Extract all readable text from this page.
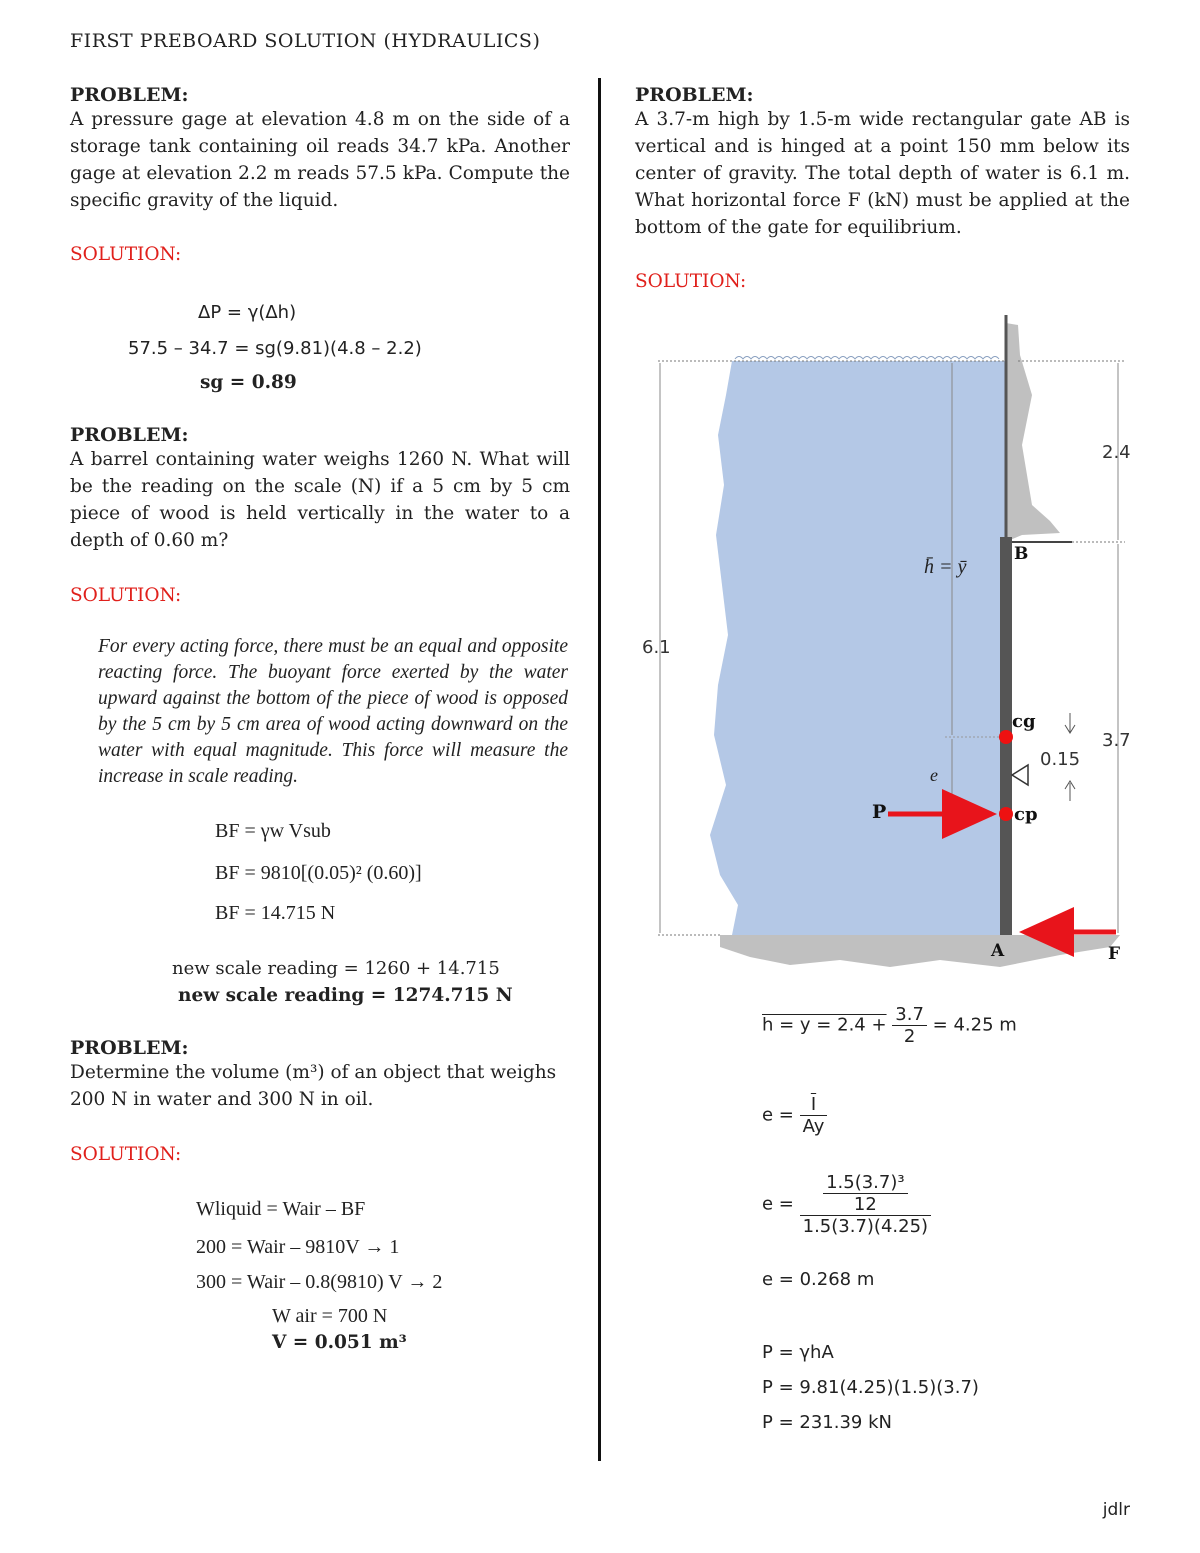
FIRST PREBOARD SOLUTION (HYDRAULICS)
PROBLEM:
A pressure gage at elevation 4.8 m on the side of a storage tank containing oil reads 34.7 kPa. Another gage at elevation 2.2 m reads 57.5 kPa. Compute the specific gravity of the liquid.
SOLUTION:
ΔP = γ(Δh)
57.5 – 34.7 = sg(9.81)(4.8 – 2.2)
sg = 0.89
PROBLEM:
A barrel containing water weighs 1260 N. What will be the reading on the scale (N) if a 5 cm by 5 cm piece of wood is held vertically in the water to a depth of 0.60 m?
SOLUTION:
For every acting force, there must be an equal and opposite reacting force. The buoyant force exerted by the water upward against the bottom of the piece of wood is opposed by the 5 cm by 5 cm area of wood acting downward on the water with equal magnitude. This force will measure the increase in scale reading.
BF = γw Vsub
BF = 9810[(0.05)² (0.60)]
BF = 14.715 N
new scale reading = 1260 + 14.715
new scale reading = 1274.715 N
PROBLEM:
Determine the volume (m³) of an object that weighs 200 N in water and 300 N in oil.
SOLUTION:
Wliquid = Wair – BF
200 = Wair – 9810V → 1
300 = Wair – 0.8(9810) V → 2
W air = 700 N
V = 0.051 m³
PROBLEM:
A 3.7-m high by 1.5-m wide rectangular gate AB is vertical and is hinged at a point 150 mm below its center of gravity. The total depth of water is 6.1 m. What horizontal force F (kN) must be applied at the bottom of the gate for equilibrium.
SOLUTION:
6.1
2.4
3.7
0.15
h̄ = ȳ
e
B
A
cg
cp
P
F
$h = y = 2.4 + \frac{3.7}{2} = 4.25$ m
$e = \frac{\overline{I}}{Ay}$
$e = \frac{\frac{\text{1.5(3.7)³}}{12}}{1.5(3.7)(4.25)}$
e = 0.268 m
P = γhA
P = 9.81(4.25)(1.5)(3.7)
P = 231.39 kN
jdlr
